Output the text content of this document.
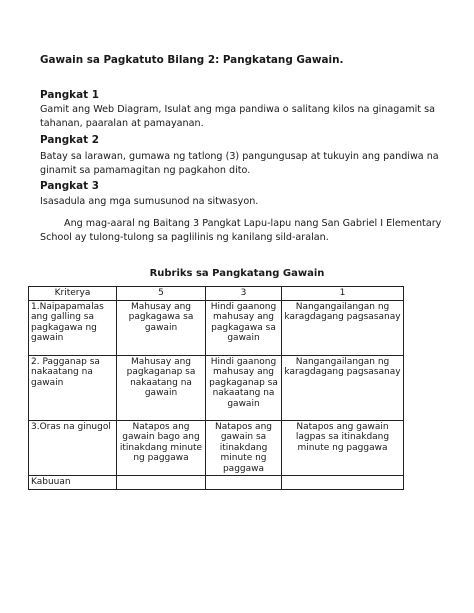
Gawain sa Pagkatuto Bilang 2: Pangkatang Gawain.
Pangkat 1
Gamit ang Web Diagram, Isulat ang mga pandiwa o salitang kilos na ginagamit sa
tahanan, paaralan at pamayanan.
Pangkat 2
Batay sa larawan, gumawa ng tatlong (3) pangungusap at tukuyin ang pandiwa na
ginamit sa pamamagitan ng pagkahon dito.
Pangkat 3
Isasadula ang mga sumusunod na sitwasyon.
Ang mag-aaral ng Baitang 3 Pangkat Lapu-lapu nang San Gabriel I Elementary
School ay tulong-tulong sa paglilinis ng kanilang sild-aralan.
Rubriks sa Pangkatang Gawain
Kriterya	5	3	1
1.Naipapamalas ang galling sa pagkagawa ng gawain	Mahusay ang pagkagawa sa gawain	Hindi gaanong mahusay ang pagkagawa sa gawain	Nangangailangan ng karagdagang pagsasanay
2. Pagganap sa nakaatang na gawain	Mahusay ang pagkaganap sa nakaatang na gawain	Hindi gaanong mahusay ang pagkaganap sa nakaatang na gawain	Nangangailangan ng karagdagang pagsasanay
3.Oras na ginugol	Natapos ang gawain bago ang itinakdang minute ng paggawa	Natapos ang gawain sa itinakdang minute ng paggawa	Natapos ang gawain lagpas sa itinakdang minute ng paggawa
Kabuuan			
